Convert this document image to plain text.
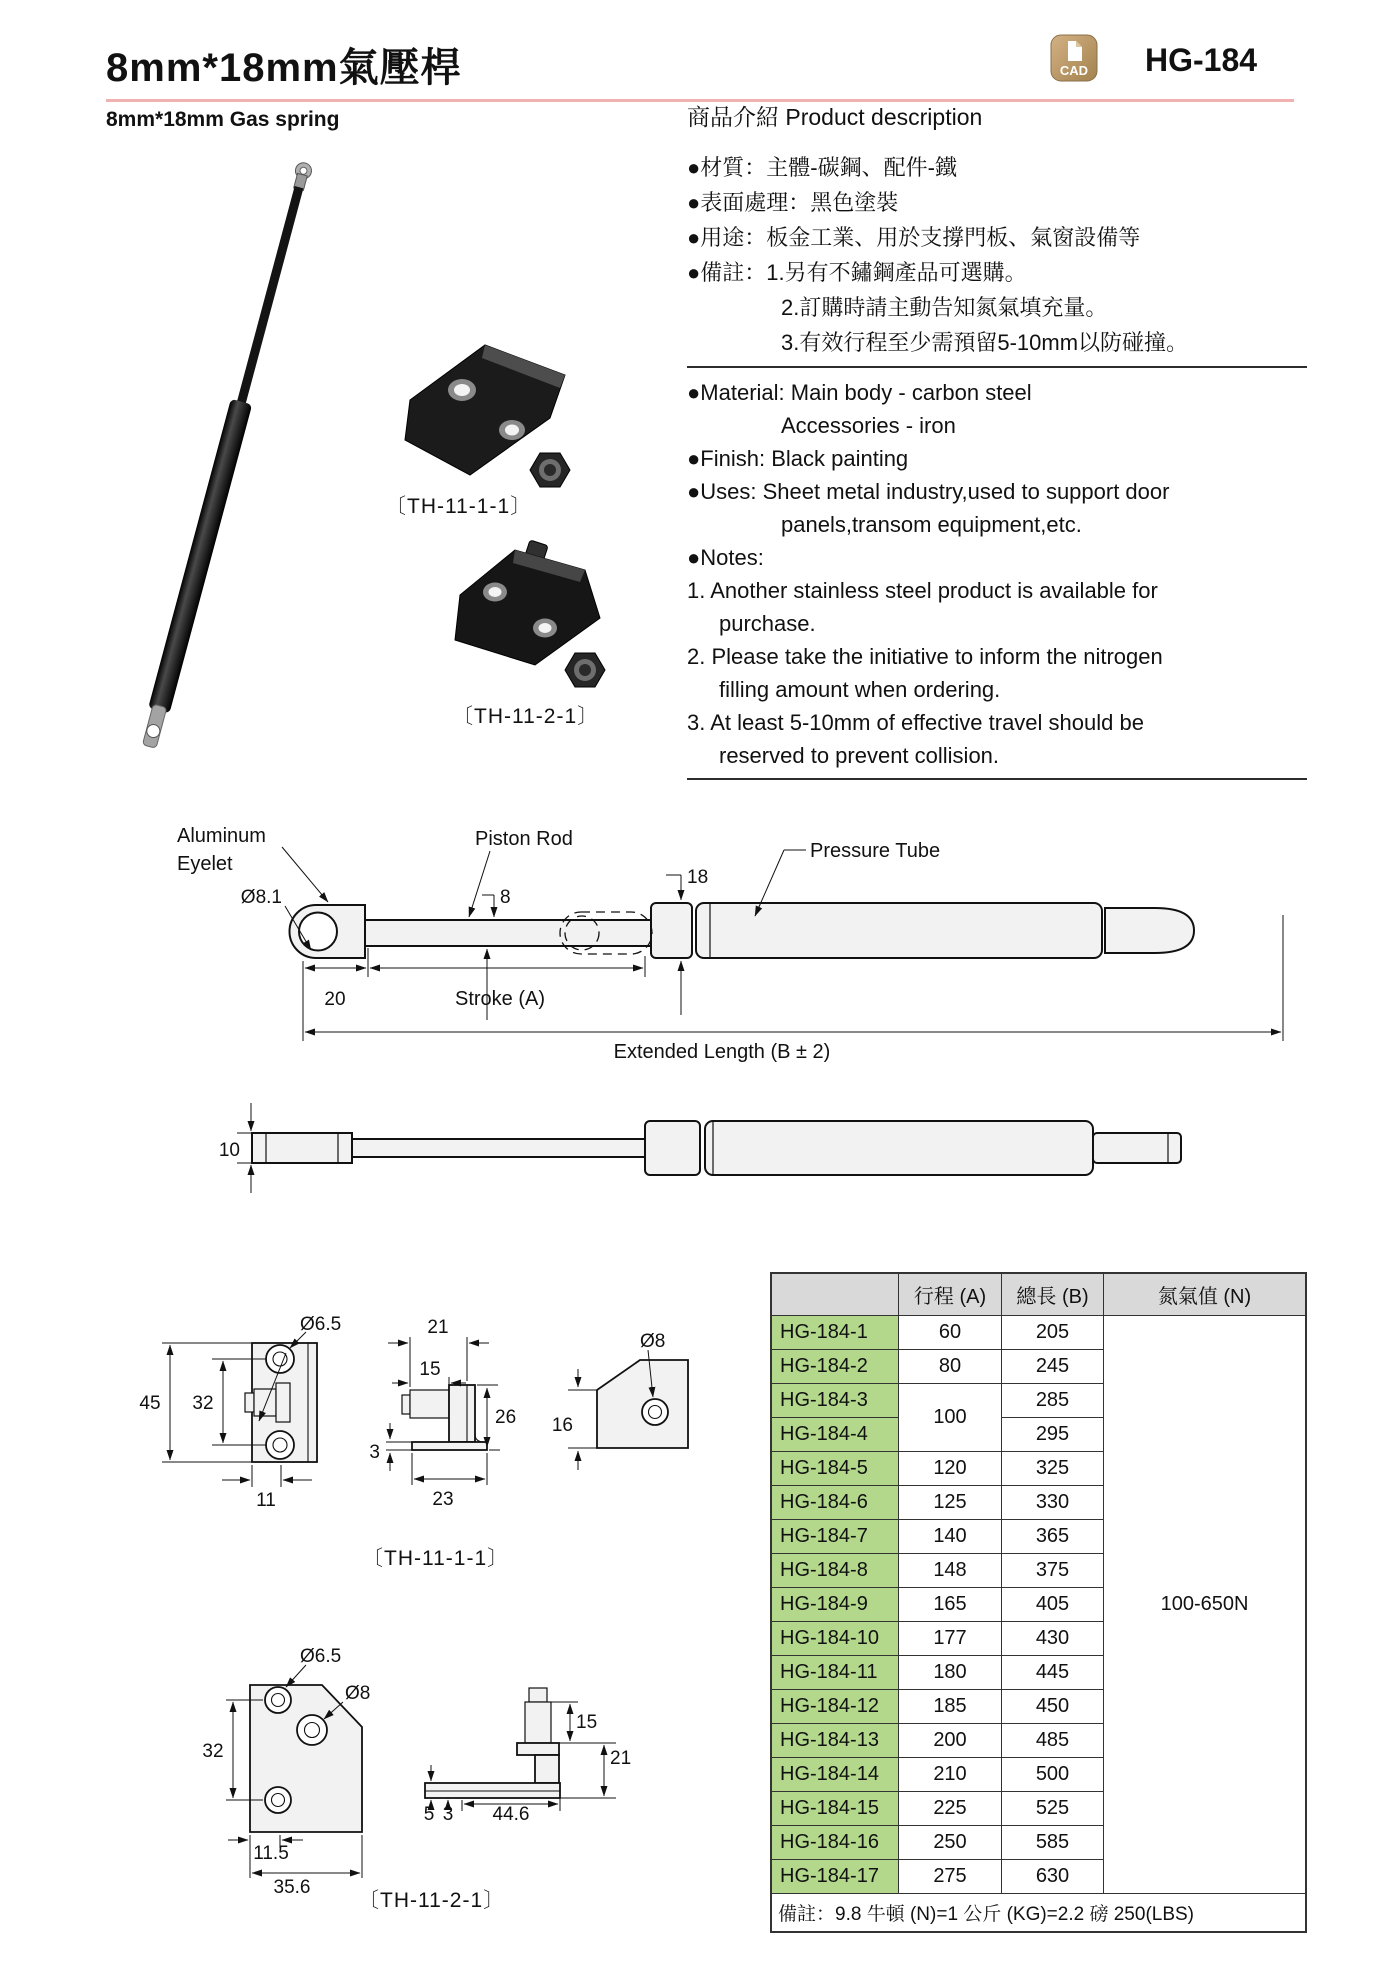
8mm*18mm氣壓桿	CAD HG-184
8mm*18mm Gas spring
〔TH-11-1-1〕
〔TH-11-2-1〕
商品介紹 Product description
●材質：主體-碳鋼、配件-鐵
●表面處理：黑色塗裝
●用途：板金工業、用於支撐門板、氣窗設備等
●備註：1.另有不鏽鋼產品可選購。
2.訂購時請主動告知氮氣填充量。
3.有效行程至少需預留5-10mm以防碰撞。
●Material: Main body - carbon steel
Accessories - iron
●Finish: Black pain​ting
●Uses: Sheet metal industry,used to support door
panels,transom equipment,etc.
●Notes:
1. Another stainless steel product is available for
purchase.
2. Please take the initiative to inform the nitrogen
filling amount when ordering.
3. At least 5-10mm of effective travel should be
reserved to prevent collision.
Aluminum
Eyelet
Ø8.1
Piston Rod
Pressure Tube
18
8
20	Stroke (A)
Extended Length (B ± 2)
10
Ø6.5
45 32
11
21
15
26
3
23
Ø8
16
〔TH-11-1-1〕
Ø6.5
Ø8
32
11.5
35.6
15
21
5 3 44.6
〔TH-11-2-1〕
	行程 (A)	總長 (B)	氮氣值 (N)
HG-184-1	60	205	100-650N
HG-184-2	80	245	
HG-184-3	100	285	
HG-184-4		295	
HG-184-5	120	325	
HG-184-6	125	330	
HG-184-7	140	365	
HG-184-8	148	375	
HG-184-9	165	405	
HG-184-10	177	430	
HG-184-11	180	445	
HG-184-12	185	450	
HG-184-13	200	485	
HG-184-14	210	500	
HG-184-15	225	525	
HG-184-16	250	585	
HG-184-17	275	630	
備註：9.8 牛頓 (N)=1 公斤 (KG)=2.2 磅 250(LBS)			
